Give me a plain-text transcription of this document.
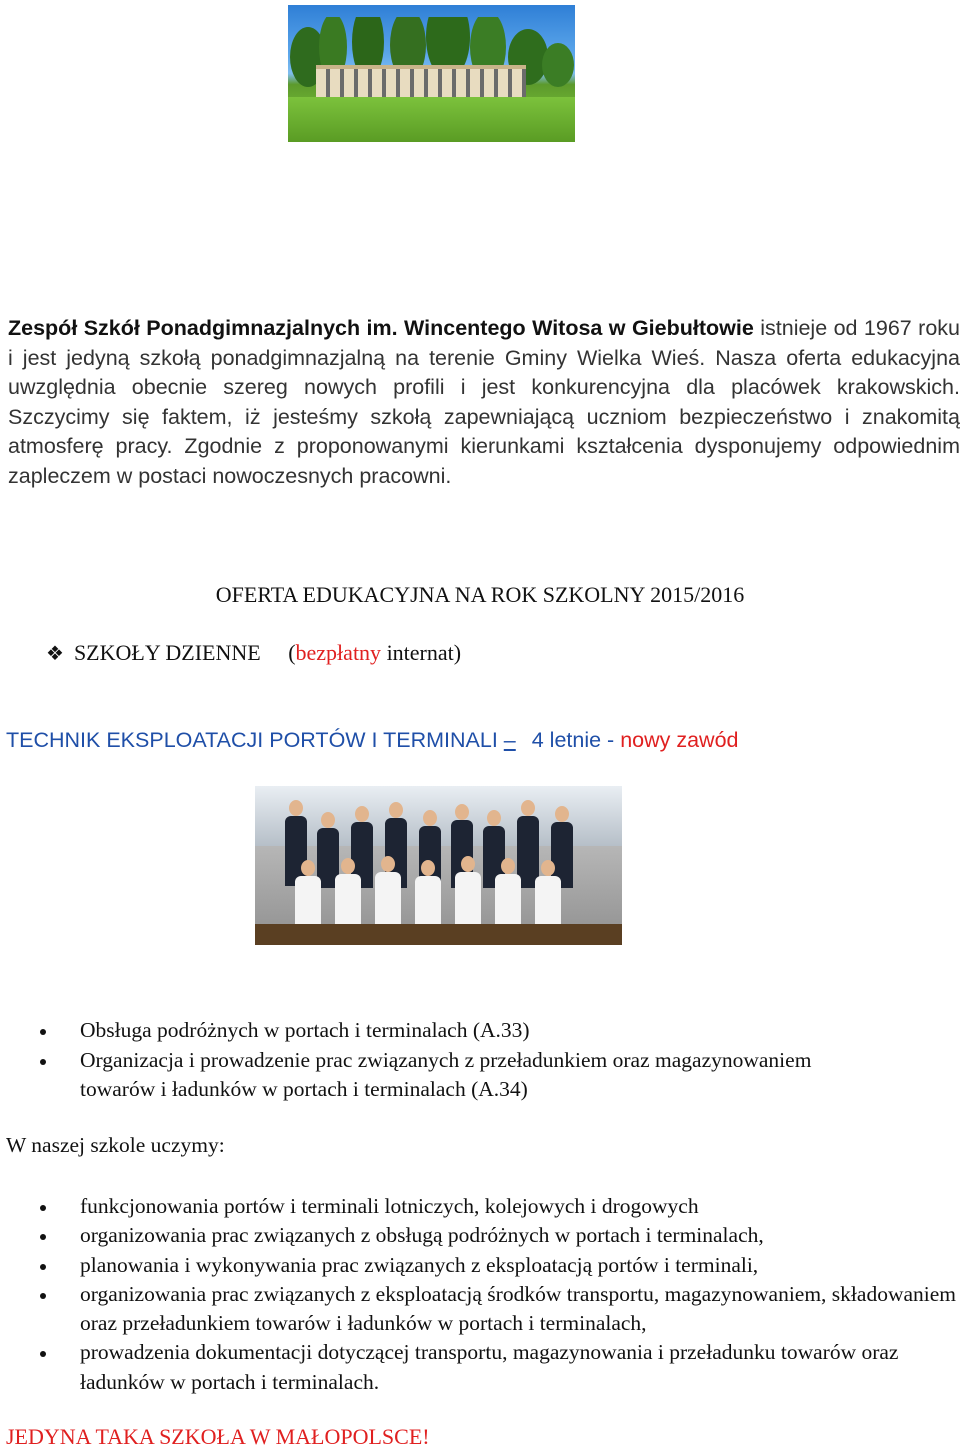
Zespół Szkół Ponadgimnazjalnych im. Wincentego Witosa w Giebułtowie istnieje od 1967 roku i jest jedyną szkołą ponadgimnazjalną na terenie Gminy Wielka Wieś. Nasza oferta edukacyjna uwzględnia obecnie szereg nowych profili i jest konkurencyjna dla placówek krakowskich. Szczycimy się faktem, iż jesteśmy szkołą zapewniającą uczniom bezpieczeństwo i znakomitą atmosferę pracy. Zgodnie z proponowanymi kierunkami kształcenia dysponujemy odpowiednim zapleczem w postaci nowoczesnych pracowni.

OFERTA EDUKACYJNA NA ROK SZKOLNY 2015/2016
❖ SZKOŁY DZIENNE (bezpłatny internat)
TECHNIK EKSPLOATACJI PORTÓW I TERMINALI – 4 letnie - nowy zawód
Obsługa podróżnych w portach i terminalach (A.33)
Organizacja i prowadzenie prac związanych z przeładunkiem oraz magazynowaniem towarów i ładunków w portach i terminalach (A.34)
W naszej szkole uczymy:
funkcjonowania portów i terminali lotniczych, kolejowych i drogowych
organizowania prac związanych z obsługą podróżnych w portach i terminalach,
planowania i wykonywania prac związanych z eksploatacją portów i terminali,
organizowania prac związanych z eksploatacją środków transportu, magazynowaniem, składowaniem oraz przeładunkiem towarów i ładunków w portach i terminalach,
prowadzenia dokumentacji dotyczącej transportu, magazynowania i przeładunku towarów oraz ładunków w portach i terminalach.
JEDYNA TAKA SZKOŁA W MAŁOPOLSCE!
